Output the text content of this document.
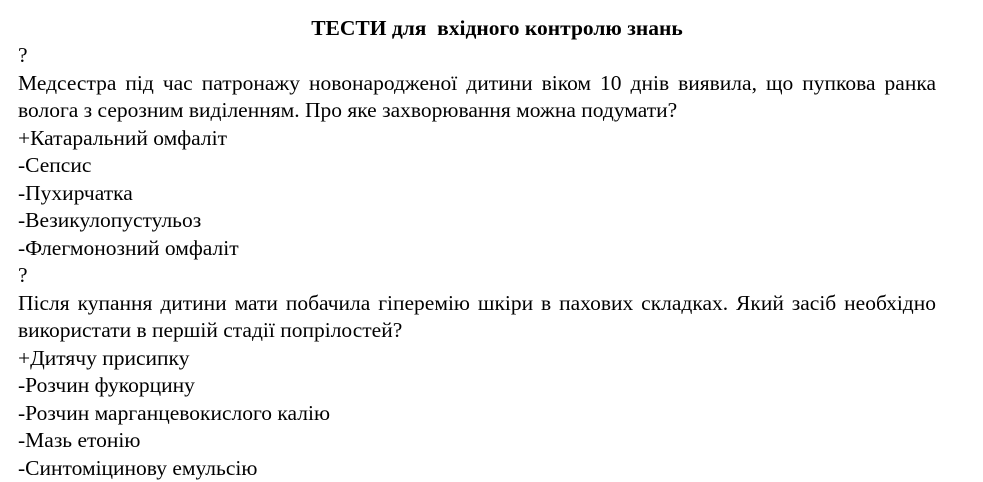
ТЕСТИ для  вхідного контролю знань
?
Медсестра під час патронажу новонародженої дитини віком 10 днів виявила, що пупкова ранка волога з серозним виділенням. Про яке захворювання можна подумати?
+Катаральний омфаліт
-Сепсис
-Пухирчатка
-Везикулопустульоз
-Флегмонозний омфаліт
?
Після купання дитини мати побачила гіперемію шкіри в пахових складках. Який засіб необхідно використати в першій стадії попрілостей?
+Дитячу присипку
-Розчин фукорцину
-Розчин марганцевокислого калію
-Мазь етонію
-Синтоміцинову емульсію
